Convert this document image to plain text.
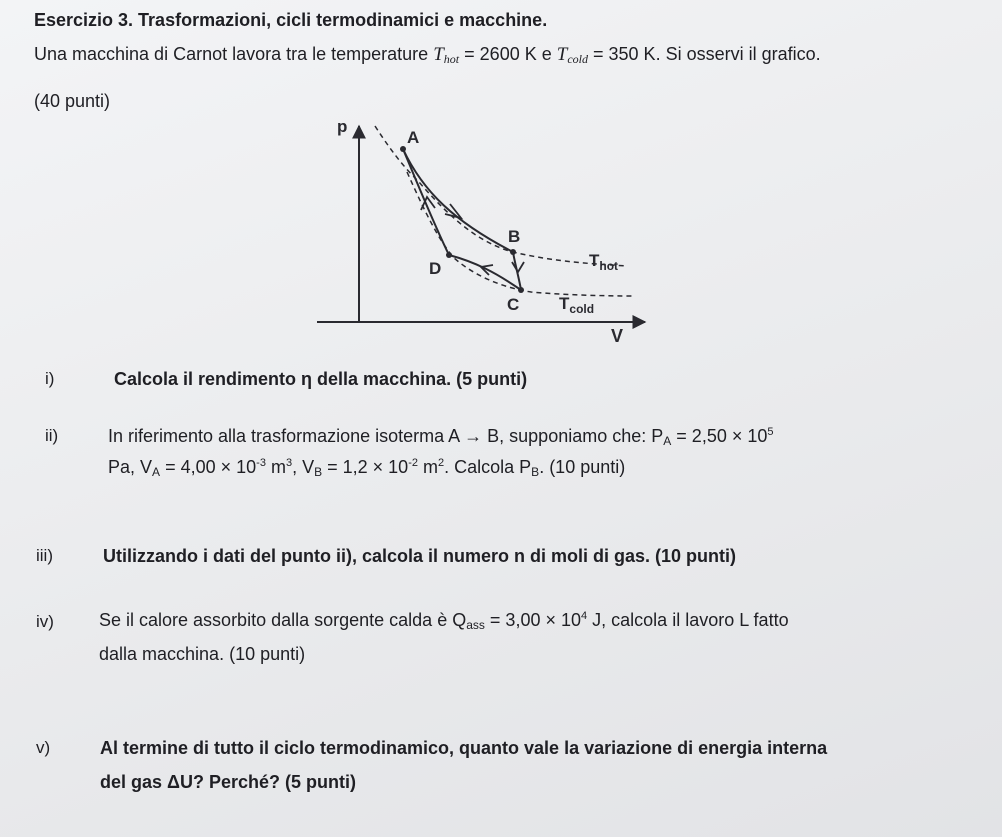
Esercizio 3. Trasformazioni, cicli termodinamici e macchine.
Una macchina di Carnot lavora tra le temperature $T_{hot} = 2600$ K e $T_{cold} = 350$ K. Si osservi il grafico.
(40 punti)
p
V
A
B
C
D	$T_{hot}$
$T_{cold}$
i)	Calcola il rendimento η della macchina. (5 punti)
ii)	In riferimento alla trasformazione isoterma A → B, supponiamo che: $P_A = 2,50 \times 10^5$
Pa, $V_A = 4,00 \times 10^{-3}$ $m^3$, $V_B = 1,2 \times 10^{-2}$ $m^2$. Calcola $P_B$. (10 punti)
iii)	Utilizzando i dati del punto ii), calcola il numero n di moli di gas. (10 punti)
iv)	Se il calore assorbito dalla sorgente calda è $Q_{ass} = 3,00 \times 10^4$ J, calcola il lavoro L fatto
dalla macchina. (10 punti)
v)	Al termine di tutto il ciclo termodinamico, quanto vale la variazione di energia interna
del gas ΔU? Perché? (5 punti)
